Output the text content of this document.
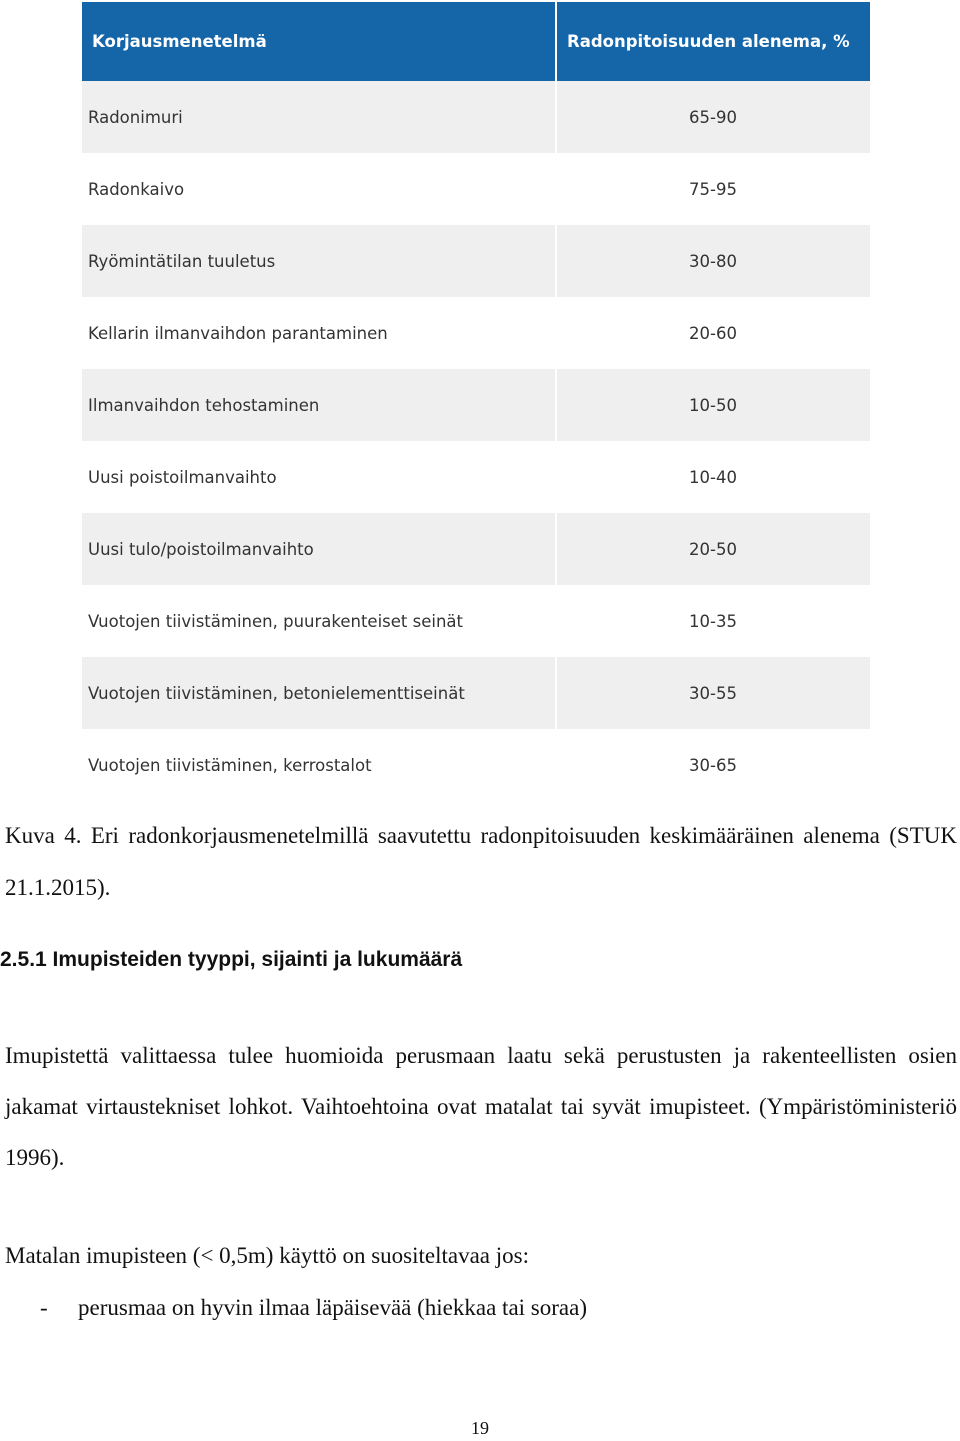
Korjausmenetelmä	Radonpitoisuuden alenema, %
Radonimuri	65-90
Radonkaivo	75-95
Ryömintätilan tuuletus	30-80
Kellarin ilmanvaihdon parantaminen	20-60
Ilmanvaihdon tehostaminen	10-50
Uusi poistoilmanvaihto	10-40
Uusi tulo/poistoilmanvaihto	20-50
Vuotojen tiivistäminen, puurakenteiset seinät	10-35
Vuotojen tiivistäminen, betonielementtiseinät	30-55
Vuotojen tiivistäminen, kerrostalot	30-65
Kuva 4. Eri radonkorjausmenetelmillä saavutettu radonpitoisuuden keskimääräinen alenema (STUK 21.1.2015).
2.5.1 Imupisteiden tyyppi, sijainti ja lukumäärä
Imupistettä valittaessa tulee huomioida perusmaan laatu sekä perustusten ja rakenteellisten osien jakamat virtaustekniset lohkot. Vaihtoehtoina ovat matalat tai syvät imupisteet. (Ympäristöministeriö 1996).
Matalan imupisteen (< 0,5m) käyttö on suositeltavaa jos:
- perusmaa on hyvin ilmaa läpäisevää (hiekkaa tai soraa)
19
